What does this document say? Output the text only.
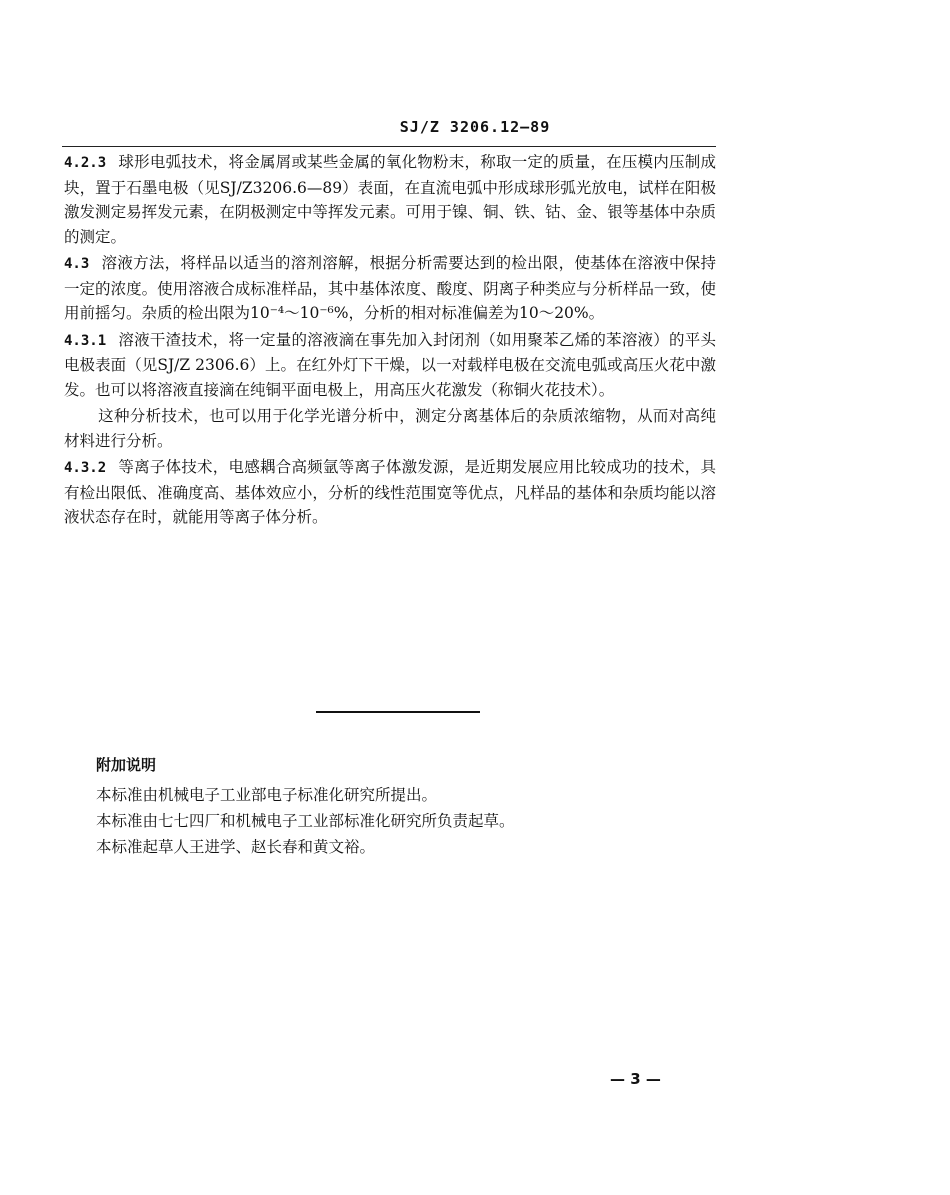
SJ/Z 3206.12—89

4.2.3 球形电弧技术，将金属屑或某些金属的氧化物粉末，称取一定的质量，在压模内压制成块，置于石墨电极（见SJ/Z3206.6—89）表面，在直流电弧中形成球形弧光放电，试样在阳极激发测定易挥发元素，在阴极测定中等挥发元素。可用于镍、铜、铁、钴、金、银等基体中杂质的测定。

4.3 溶液方法，将样品以适当的溶剂溶解，根据分析需要达到的检出限，使基体在溶液中保持一定的浓度。使用溶液合成标准样品，其中基体浓度、酸度、阴离子种类应与分析样品一致，使用前摇匀。杂质的检出限为10⁻⁴～10⁻⁶%，分析的相对标准偏差为10～20%。

4.3.1 溶液干渣技术，将一定量的溶液滴在事先加入封闭剂（如用聚苯乙烯的苯溶液）的平头电极表面（见SJ/Z 2306.6）上。在红外灯下干燥，以一对载样电极在交流电弧或高压火花中激发。也可以将溶液直接滴在纯铜平面电极上，用高压火花激发（称铜火花技术）。

这种分析技术，也可以用于化学光谱分析中，测定分离基体后的杂质浓缩物，从而对高纯材料进行分析。

4.3.2 等离子体技术，电感耦合高频氩等离子体激发源，是近期发展应用比较成功的技术，具有检出限低、准确度高、基体效应小，分析的线性范围宽等优点，凡样品的基体和杂质均能以溶液状态存在时，就能用等离子体分析。

附加说明
本标准由机械电子工业部电子标准化研究所提出。
本标准由七七四厂和机械电子工业部标准化研究所负责起草。
本标准起草人王进学、赵长春和黄文裕。
— 3 —
